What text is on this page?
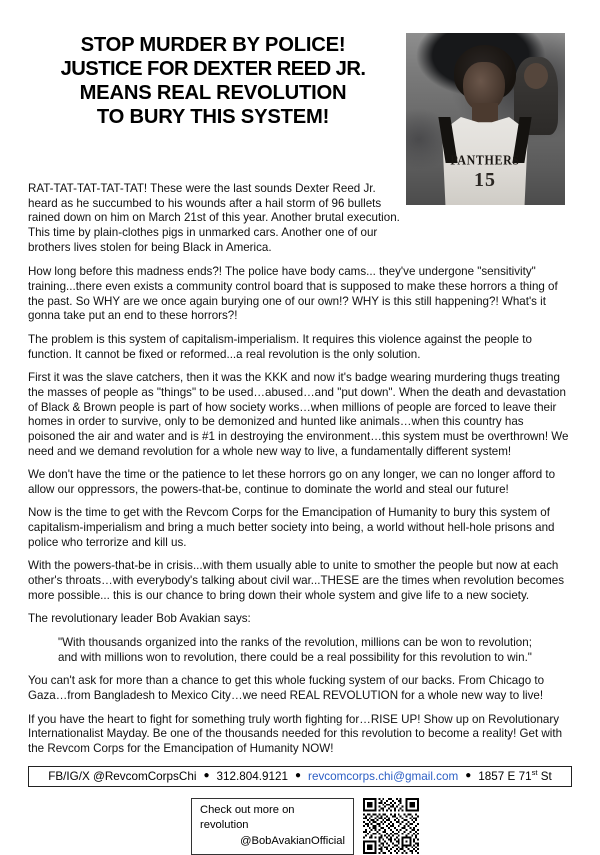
STOP MURDER BY POLICE!
JUSTICE FOR DEXTER REED JR.
MEANS REAL REVOLUTION
TO BURY THIS SYSTEM!
PANTHERS
15

RAT-TAT-TAT-TAT-TAT! These were the last sounds Dexter Reed Jr. heard as he succumbed to his wounds after a hail storm of 96 bullets rained down on him on March 21st of this year. Another brutal execution. This time by plain-clothes pigs in unmarked cars. Another one of our brothers lives stolen for being Black in America.

How long before this madness ends?! The police have body cams... they've undergone "sensitivity" training...there even exists a community control board that is supposed to make these horrors a thing of the past. So WHY are we once again burying one of our own!? WHY is this still happening?! What's it gonna take put an end to these horrors?!

The problem is this system of capitalism-imperialism. It requires this violence against the people to function. It cannot be fixed or reformed...a real revolution is the only solution.

First it was the slave catchers, then it was the KKK and now it's badge wearing murdering thugs treating the masses of people as "things" to be used…abused…and "put down". When the death and devastation of Black & Brown people is part of how society works…when millions of people are forced to leave their homes in order to survive, only to be demonized and hunted like animals…when this country has poisoned the air and water and is #1 in destroying the environment…this system must be overthrown! We need and we demand revolution for a whole new way to live, a fundamentally different system!

We don't have the time or the patience to let these horrors go on any longer, we can no longer afford to allow our oppressors, the powers-that-be, continue to dominate the world and steal our future!

Now is the time to get with the Revcom Corps for the Emancipation of Humanity to bury this system of capitalism-imperialism and bring a much better society into being, a world without hell-hole prisons and police who terrorize and kill us.

With the powers-that-be in crisis...with them usually able to unite to smother the people but now at each other's throats…with everybody's talking about civil war...THESE are the times when revolution becomes more possible... this is our chance to bring down their whole system and give life to a new society.

The revolutionary leader Bob Avakian says:

"With thousands organized into the ranks of the revolution, millions can be won to revolution;
and with millions won to revolution, there could be a real possibility for this revolution to win."

You can't ask for more than a chance to get this whole fucking system of our backs. From Chicago to Gaza…from Bangladesh to Mexico City…we need REAL REVOLUTION for a whole new way to live!

If you have the heart to fight for something truly worth fighting for…RISE UP! Show up on Revolutionary Internationalist Mayday. Be one of the thousands needed for this revolution to become a reality! Get with the Revcom Corps for the Emancipation of Humanity NOW!

FB/IG/X @RevcomCorpsChi ● 312.804.9121 ● revcomcorps.chi@gmail.com ● 1857 E 71st St
Check out more on revolution
@BobAvakianOfficial
